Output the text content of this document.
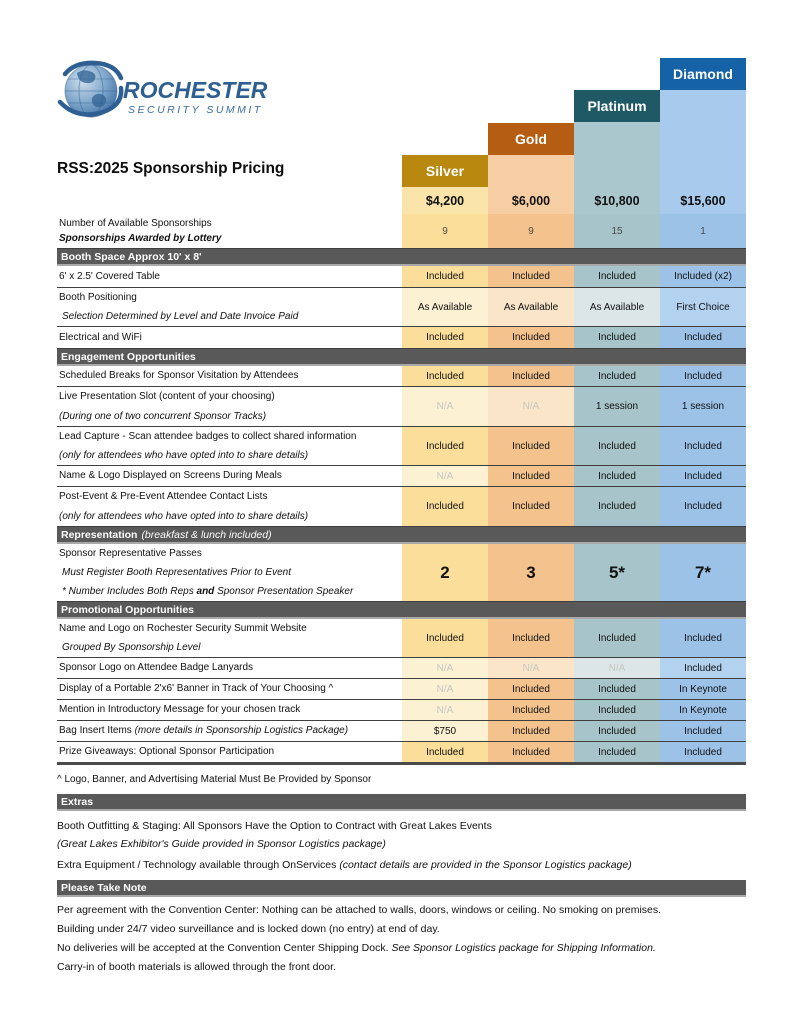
ROCHESTER
SECURITY SUMMIT
RSS:2025 Sponsorship Pricing	Silver
Gold
Platinum
Diamond
$4,200	$6,000	$10,800	$15,600
Number of Available Sponsorships
Sponsorships Awarded by Lottery
9	9	15	1
Booth Space Approx 10' x 8'
6' x 2.5' Covered Table	Included	Included	Included	Included (x2)
Booth Positioning
Selection Determined by Level and Date Invoice Paid
As Available	As Available	As Available	First Choice
Electrical and WiFi	Included	Included	Included	Included
Engagement Opportunities
Scheduled Breaks for Sponsor Visitation by Attendees	Included	Included	Included	Included
Live Presentation Slot (content of your choosing)
(During one of two concurrent Sponsor Tracks)
N/A	N/A	1 session	1 session
Lead Capture - Scan attendee badges to collect shared information
(only for attendees who have opted into to share details)
Included	Included	Included	Included
Name & Logo Displayed on Screens During Meals	N/A	Included	Included	Included
Post-Event & Pre-Event Attendee Contact Lists
(only for attendees who have opted into to share details)
Included	Included	Included	Included
Representation (breakfast & lunch included)
Sponsor Representative Passes
Must Register Booth Representatives Prior to Event
* Number Includes Both Reps and Sponsor Presentation Speaker
2	3	5*	7*
Promotional Opportunities
Name and Logo on Rochester Security Summit Website
Grouped By Sponsorship Level
Included	Included	Included	Included
Sponsor Logo on Attendee Badge Lanyards	N/A	N/A	N/A	Included
Display of a Portable 2'x6' Banner in Track of Your Choosing ^	N/A	Included	Included	In Keynote
Mention in Introductory Message for your chosen track	N/A	Included	Included	In Keynote
Bag Insert Items (more details in Sponsorship Logistics Package)	$750	Included	Included	Included
Prize Giveaways: Optional Sponsor Participation	Included	Included	Included	Included
^ Logo, Banner, and Advertising Material Must Be Provided by Sponsor
Extras
Booth Outfitting & Staging: All Sponsors Have the Option to Contract with Great Lakes Events
(Great Lakes Exhibitor's Guide provided in Sponsor Logistics package)
Extra Equipment / Technology available through OnServices (contact details are provided in the Sponsor Logistics package)
Please Take Note
Per agreement with the Convention Center: Nothing can be attached to walls, doors, windows or ceiling. No smoking on premises.
Building under 24/7 video surveillance and is locked down (no entry) at end of day.
No deliveries will be accepted at the Convention Center Shipping Dock. See Sponsor Logistics package for Shipping Information.
Carry-in of booth materials is allowed through the front door.
